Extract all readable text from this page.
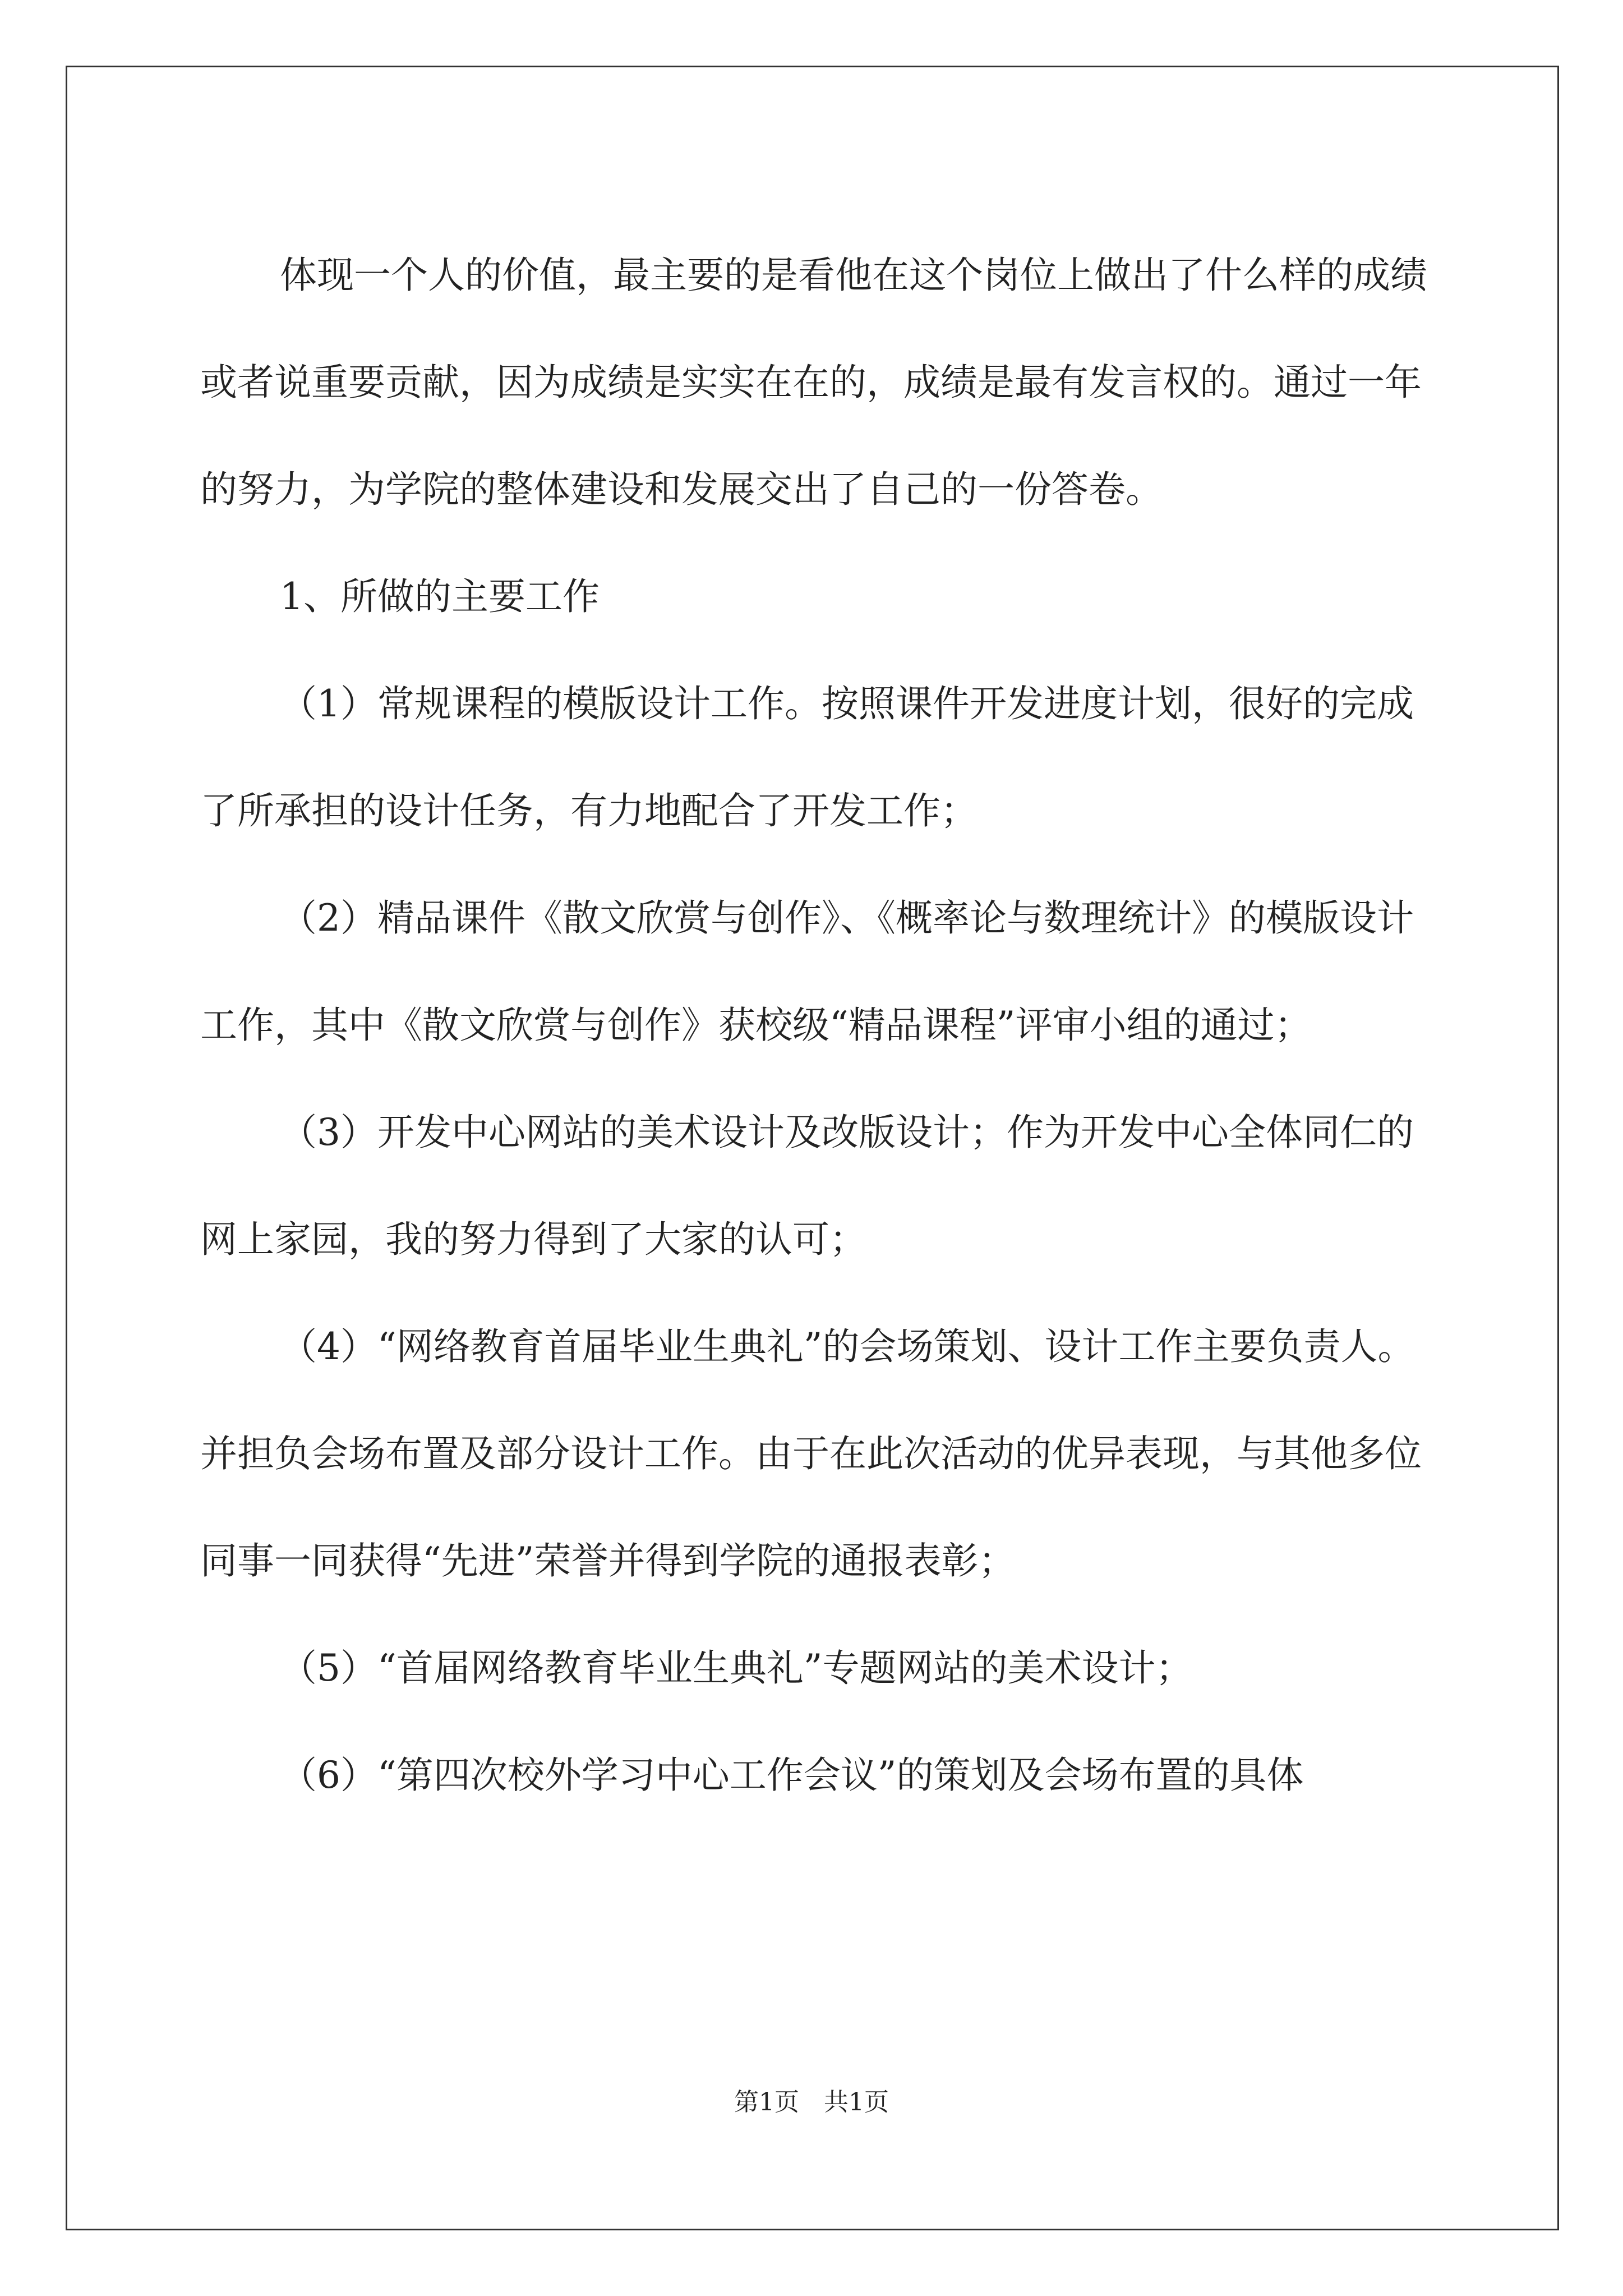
体现一个人的价值，最主要的是看他在这个岗位上做出了什么样的成绩或者说重要贡献，因为成绩是实实在在的，成绩是最有发言权的。通过一年的努力，为学院的整体建设和发展交出了自己的一份答卷。

1、所做的主要工作

（1）常规课程的模版设计工作。按照课件开发进度计划，很好的完成了所承担的设计任务，有力地配合了开发工作；

（2）精品课件《散文欣赏与创作》、《概率论与数理统计》的模版设计工作，其中《散文欣赏与创作》获校级“精品课程”评审小组的通过；

（3）开发中心网站的美术设计及改版设计；作为开发中心全体同仁的网上家园，我的努力得到了大家的认可；

（4）“网络教育首届毕业生典礼”的会场策划、设计工作主要负责人。并担负会场布置及部分设计工作。由于在此次活动的优异表现，与其他多位同事一同获得“先进”荣誉并得到学院的通报表彰；

（5）“首届网络教育毕业生典礼”专题网站的美术设计；

（6）“第四次校外学习中心工作会议”的策划及会场布置的具体

第1页　共1页
